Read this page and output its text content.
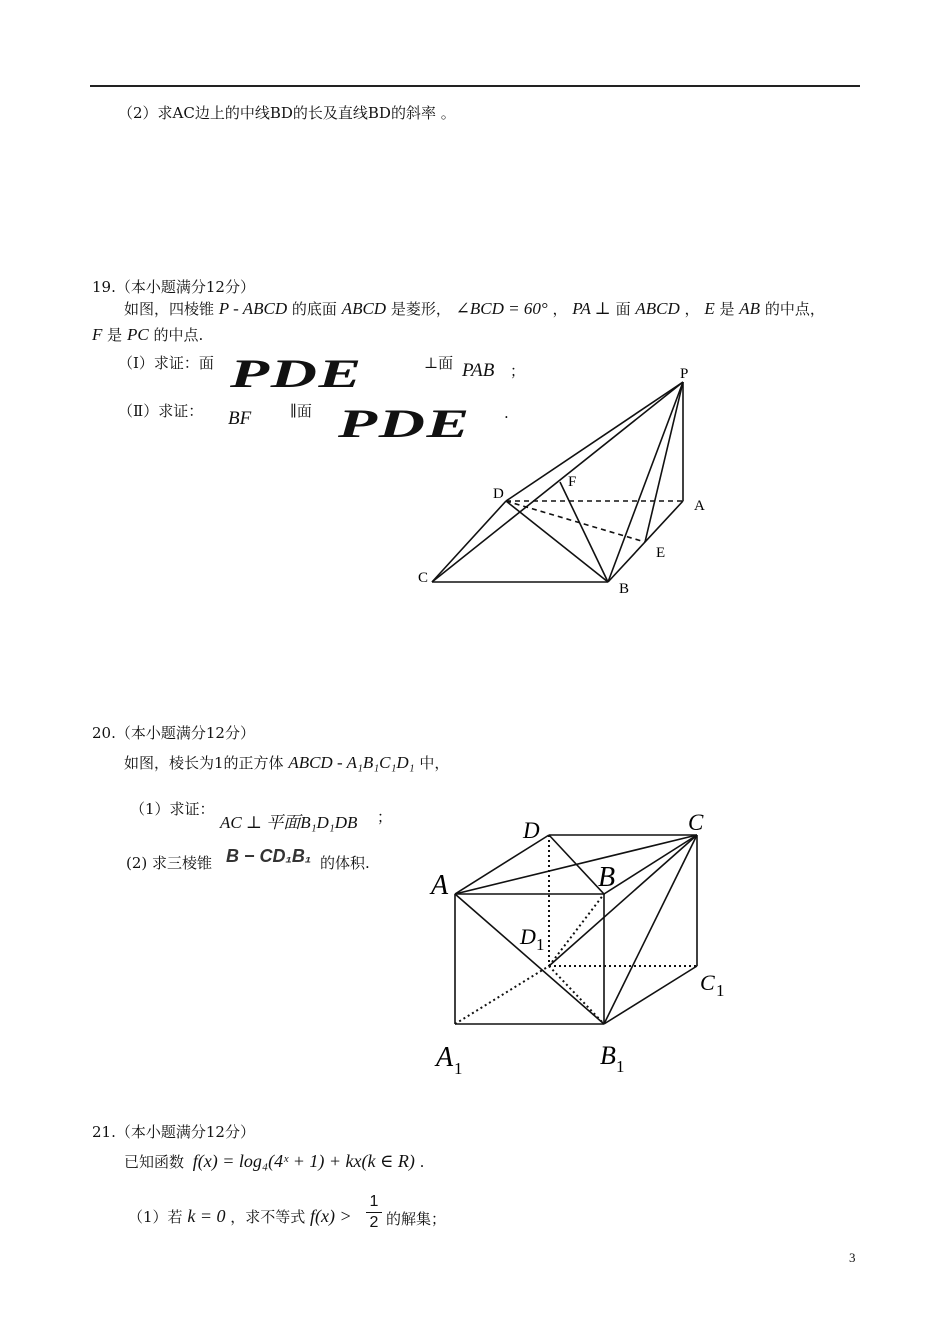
（2）求AC边上的中线BD的长及直线BD的斜率 。
19.（本小题满分12分）
如图，四棱锥 P - ABCD 的底面 ABCD 是菱形， ∠BCD = 60° ， PA ⊥ 面 ABCD ， E 是 AB 的中点，
F 是 PC 的中点.
（Ⅰ）求证：面 PDE	⊥面 PAB ；
（Ⅱ）求证： BF	∥面 PDE .
P
D
F
A
E
C
B
20.（本小题满分12分）
如图，棱长为1的正方体 ABCD - A₁B₁C₁D₁ 中，
（1）求证：
AC ⊥ 平面B₁D₁DB ；
(2) 求三棱锥 B − CD₁B₁ 的体积.
D	C
A	B
D 1
C 1
A 1	B 1
21.（本小题满分12分）
已知函数 f(x) = log₄(4ˣ + 1) + kx(k ∈ R) .
（1）若 k = 0 ，求不等式 f(x) >
1
2 的解集；
3
